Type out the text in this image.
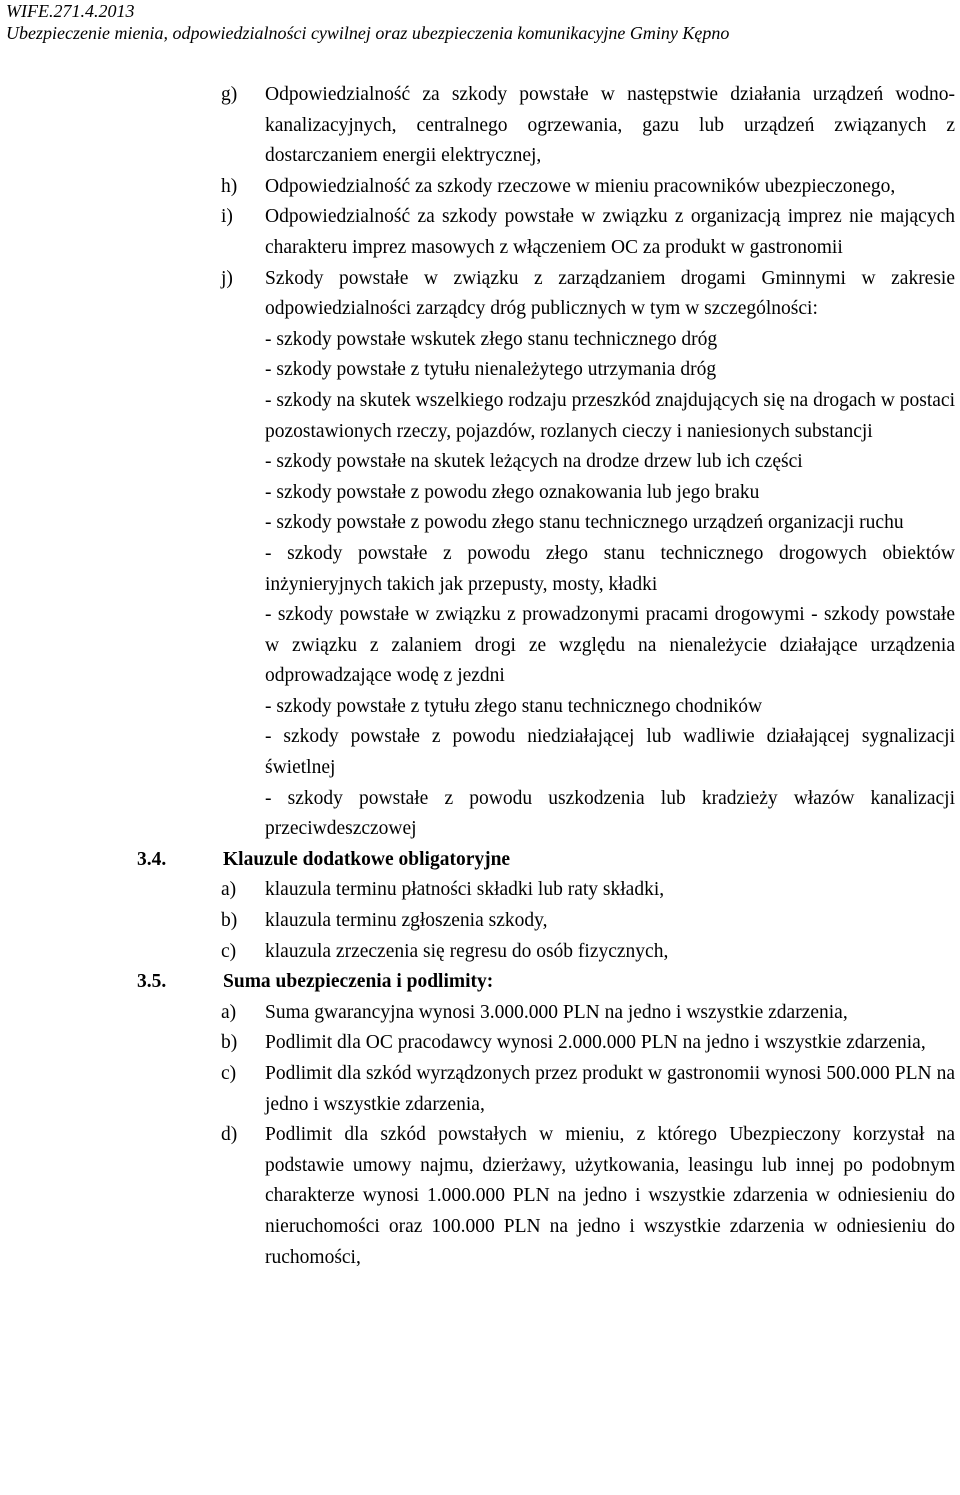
WIFE.271.4.2013
Ubezpieczenie mienia, odpowiedzialności cywilnej oraz ubezpieczenia komunikacyjne Gminy Kępno
g)	Odpowiedzialność za szkody powstałe w następstwie działania urządzeń wodno-kanalizacyjnych, centralnego ogrzewania, gazu lub urządzeń związanych z dostarczaniem energii elektrycznej,
h)	Odpowiedzialność za szkody rzeczowe w mieniu pracowników ubezpieczonego,
i)	Odpowiedzialność za szkody powstałe w związku z organizacją imprez nie mających charakteru imprez masowych z włączeniem OC za produkt w gastronomii
j)	Szkody powstałe w związku z zarządzaniem drogami Gminnymi w zakresie odpowiedzialności zarządcy dróg publicznych w tym w szczególności:
- szkody powstałe wskutek złego stanu technicznego dróg
- szkody powstałe z tytułu nienależytego utrzymania dróg
- szkody na skutek wszelkiego rodzaju przeszkód znajdujących się na drogach w postaci pozostawionych rzeczy, pojazdów, rozlanych cieczy i naniesionych substancji
- szkody powstałe na skutek leżących na drodze drzew lub ich części
- szkody powstałe z powodu złego oznakowania lub jego braku
- szkody powstałe z powodu złego stanu technicznego urządzeń organizacji ruchu
- szkody powstałe z powodu złego stanu technicznego drogowych obiektów inżynieryjnych takich jak przepusty, mosty, kładki
- szkody powstałe w związku z prowadzonymi pracami drogowymi - szkody powstałe w związku z zalaniem drogi ze względu na nienależycie działające urządzenia odprowadzające wodę z jezdni
- szkody powstałe z tytułu złego stanu technicznego chodników
- szkody powstałe z powodu niedziałającej lub wadliwie działającej sygnalizacji świetlnej
- szkody powstałe z powodu uszkodzenia lub kradzieży włazów kanalizacji przeciwdeszczowej
3.4.	Klauzule dodatkowe obligatoryjne
a)	klauzula terminu płatności składki lub raty składki,
b)	klauzula terminu zgłoszenia szkody,
c)	klauzula zrzeczenia się regresu do osób fizycznych,
3.5.	Suma ubezpieczenia i podlimity:
a)	Suma gwarancyjna wynosi 3.000.000 PLN na jedno i wszystkie zdarzenia,
b)	Podlimit dla OC pracodawcy wynosi 2.000.000 PLN na jedno i wszystkie zdarzenia,
c)	Podlimit dla szkód wyrządzonych przez produkt w gastronomii wynosi 500.000 PLN na jedno i wszystkie zdarzenia,
d)	Podlimit dla szkód powstałych w mieniu, z którego Ubezpieczony korzystał na podstawie umowy najmu, dzierżawy, użytkowania, leasingu lub innej po podobnym charakterze wynosi 1.000.000 PLN na jedno i wszystkie zdarzenia w odniesieniu do nieruchomości oraz 100.000 PLN na jedno i wszystkie zdarzenia w odniesieniu do ruchomości,
